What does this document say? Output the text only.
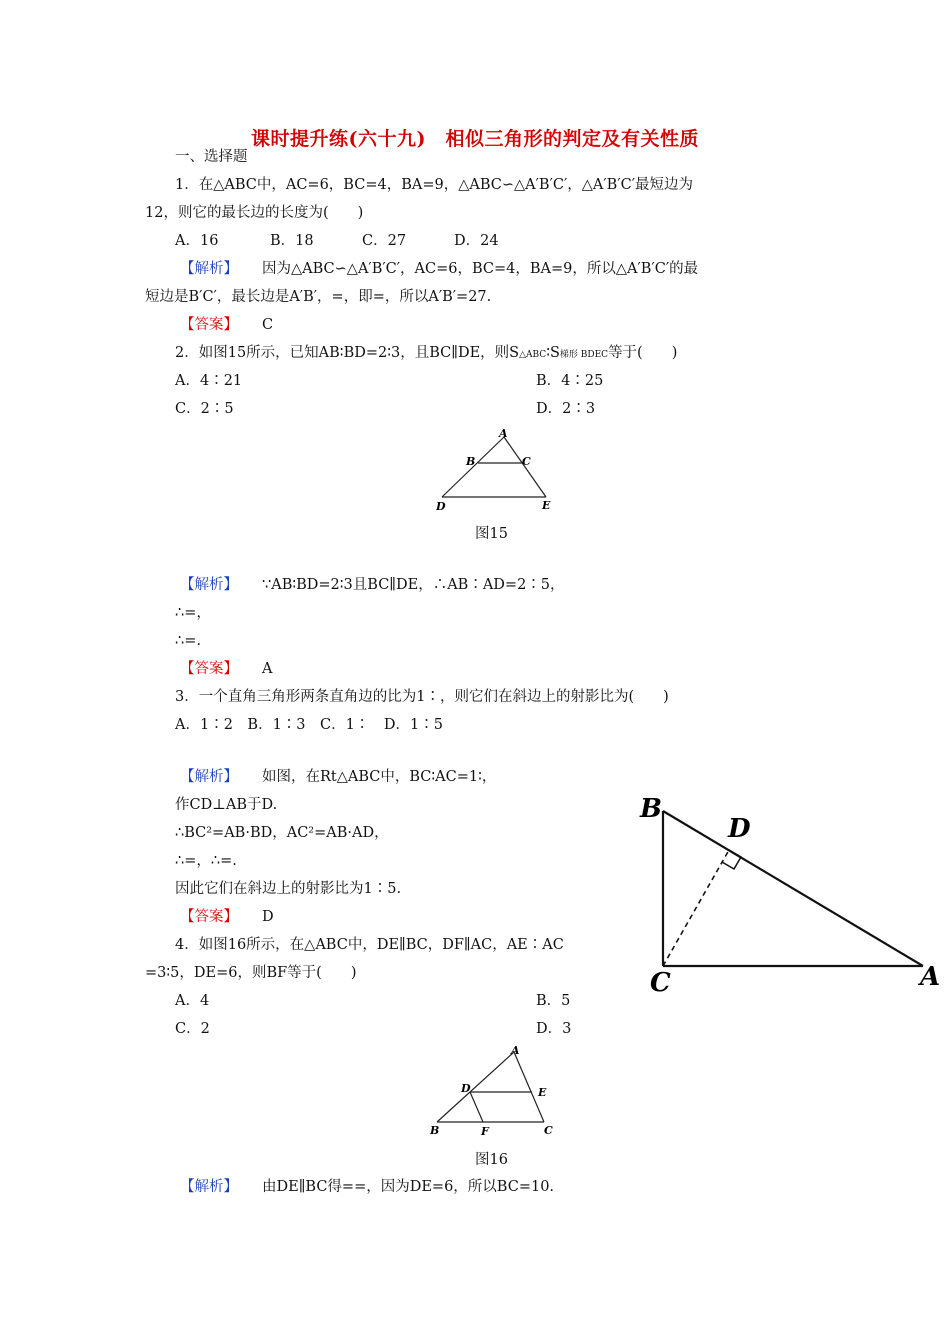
课时提升练(六十九)　相似三角形的判定及有关性质
一、选择题
1．在△ABC中，AC=6，BC=4，BA=9，△ABC∽△A′B′C′，△A′B′C′最短边为
12，则它的最长边的长度为(　　)
A．16	B．18	C．27	D．24
【解析】 因为△ABC∽△A′B′C′，AC=6，BC=4，BA=9，所以△A′B′C′的最
短边是B′C′，最长边是A′B′，=，即=，所以A′B′=27.
【答案】 C
2．如图15所示，已知AB∶BD=2∶3，且BC∥DE，则S△ABC∶S梯形 BDEC等于(　　)
A．4∶21	B．4∶25
C．2∶5	D．2∶3
A
B	C
D	E
图15
【解析】 ∵AB∶BD=2∶3且BC∥DE，∴AB∶AD=2∶5，
∴=，
∴=.
【答案】 A
3．一个直角三角形两条直角边的比为1∶，则它们在斜边上的射影比为(　　)
A．1∶2　B．1∶3　C．1∶　D．1∶5
【解析】 如图，在Rt△ABC中，BC∶AC=1∶，
作CD⊥AB于D.
∴BC²=AB·BD，AC²=AB·AD，
∴=，∴=.
因此它们在斜边上的射影比为1∶5.
【答案】 D
B
D
C	A
4．如图16所示，在△ABC中，DE∥BC，DF∥AC，AE∶AC
=3∶5，DE=6，则BF等于(　　)
A．4	B．5
C．2	D．3
A
D	E
B	F	C
图16
【解析】 由DE∥BC得==，因为DE=6，所以BC=10.
